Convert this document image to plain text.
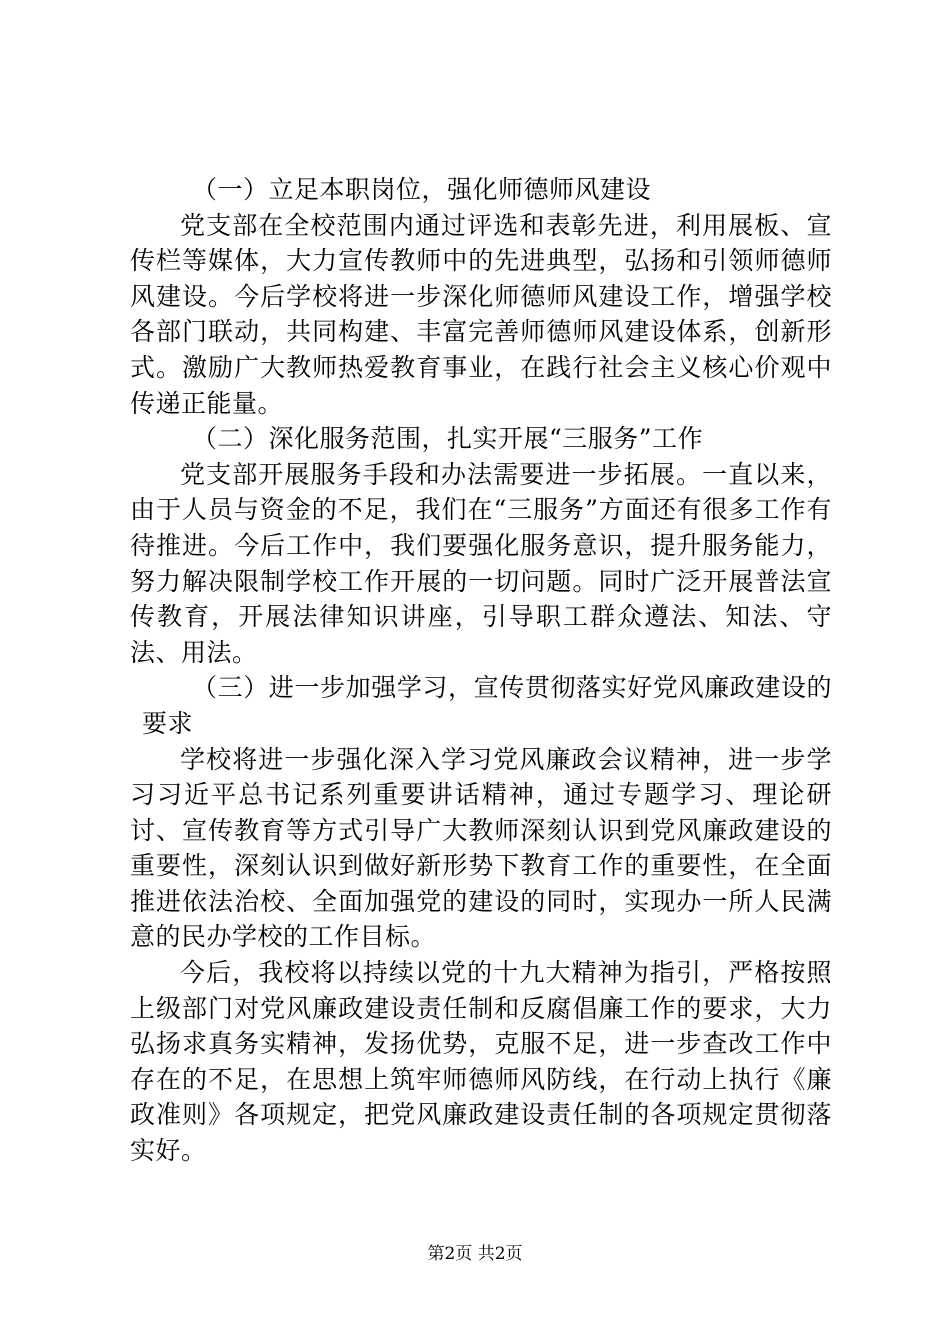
（一）立足本职岗位，强化师德师风建设

党支部在全校范围内通过评选和表彰先进，利用展板、宣传栏等媒体，大力宣传教师中的先进典型，弘扬和引领师德师风建设。今后学校将进一步深化师德师风建设工作，增强学校各部门联动，共同构建、丰富完善师德师风建设体系，创新形式。激励广大教师热爱教育事业，在践行社会主义核心价观中传递正能量。

（二）深化服务范围，扎实开展“三服务”工作

党支部开展服务手段和办法需要进一步拓展。一直以来，由于人员与资金的不足，我们在“三服务”方面还有很多工作有待推进。今后工作中，我们要强化服务意识，提升服务能力，努力解决限制学校工作开展的一切问题。同时广泛开展普法宣传教育，开展法律知识讲座，引导职工群众遵法、知法、守法、用法。

（三）进一步加强学习，宣传贯彻落实好党风廉政建设的要求

学校将进一步强化深入学习党风廉政会议精神，进一步学习习近平总书记系列重要讲话精神，通过专题学习、理论研讨、宣传教育等方式引导广大教师深刻认识到党风廉政建设的重要性，深刻认识到做好新形势下教育工作的重要性，在全面推进依法治校、全面加强党的建设的同时，实现办一所人民满意的民办学校的工作目标。

今后，我校将以持续以党的十九大精神为指引，严格按照上级部门对党风廉政建设责任制和反腐倡廉工作的要求，大力弘扬求真务实精神，发扬优势，克服不足，进一步查改工作中存在的不足，在思想上筑牢师德师风防线，在行动上执行《廉政准则》各项规定，把党风廉政建设责任制的各项规定贯彻落实好。

第2页 共2页
